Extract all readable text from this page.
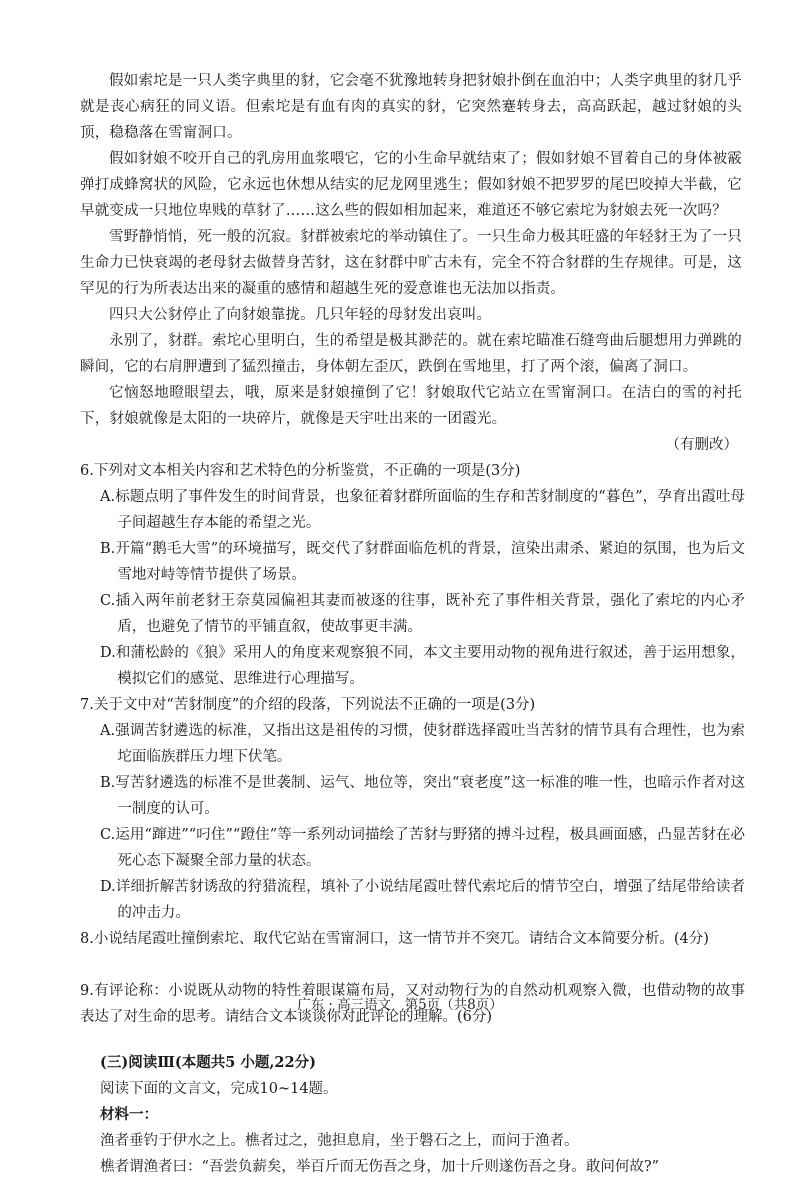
假如索坨是一只人类字典里的豺，它会毫不犹豫地转身把豺娘扑倒在血泊中；人类字典里的豺几乎就是丧心病狂的同义语。但索坨是有血有肉的真实的豺，它突然蹇转身去，高高跃起，越过豺娘的头顶，稳稳落在雪甯洞口。
假如豺娘不咬开自己的乳房用血浆喂它，它的小生命早就结束了；假如豺娘不冒着自己的身体被霰弹打成蜂窝状的风险，它永远也休想从结实的尼龙网里逃生；假如豺娘不把罗罗的尾巴咬掉大半截，它早就变成一只地位卑贱的草豺了……这么些的假如相加起来，难道还不够它索坨为豺娘去死一次吗？
雪野静悄悄，死一般的沉寂。豺群被索坨的举动镇住了。一只生命力极其旺盛的年轻豺王为了一只生命力已快衰竭的老母豺去做替身苦豺，这在豺群中旷古未有，完全不符合豺群的生存规律。可是，这罕见的行为所表达出来的凝重的感情和超越生死的爱意谁也无法加以指责。
四只大公豺停止了向豺娘靠拢。几只年轻的母豺发出哀叫。
永别了，豺群。索坨心里明白，生的希望是极其渺茫的。就在索坨瞄准石缝弯曲后腿想用力弹跳的瞬间，它的右肩胛遭到了猛烈撞击，身体朝左歪仄，跌倒在雪地里，打了两个滚，偏离了洞口。
它恼怒地瞪眼望去，哦，原来是豺娘撞倒了它！豺娘取代它站立在雪甯洞口。在洁白的雪的衬托下，豺娘就像是太阳的一块碎片，就像是天宇吐出来的一团霞光。
（有删改）
6.下列对文本相关内容和艺术特色的分析鉴赏，不正确的一项是(3分)
A.标题点明了事件发生的时间背景，也象征着豺群所面临的生存和苦豺制度的“暮色”，孕育出霞吐母子间超越生存本能的希望之光。
B.开篇“鹅毛大雪”的环境描写，既交代了豺群面临危机的背景，渲染出肃杀、紧迫的氛围，也为后文雪地对峙等情节提供了场景。
C.插入两年前老豺王奈莫园偏袒其妻而被逐的往事，既补充了事件相关背景，强化了索坨的内心矛盾，也避免了情节的平铺直叙，使故事更丰满。
D.和蒲松龄的《狼》采用人的角度来观察狼不同，本文主要用动物的视角进行叙述，善于运用想象，模拟它们的感觉、思维进行心理描写。
7.关于文中对“苦豺制度”的介绍的段落，下列说法不正确的一项是(3分)
A.强调苦豺遴选的标准，又指出这是祖传的习惯，使豺群选择霞吐当苦豺的情节具有合理性，也为索坨面临族群压力埋下伏笔。
B.写苦豺遴选的标准不是世袭制、运气、地位等，突出“衰老度”这一标准的唯一性，也暗示作者对这一制度的认可。
C.运用“蹿进”“叼住”“蹬住”等一系列动词描绘了苦豺与野猪的搏斗过程，极具画面感，凸显苦豺在必死心态下凝聚全部力量的状态。
D.详细折解苦豺诱敌的狩猎流程，填补了小说结尾霞吐替代索坨后的情节空白，增强了结尾带给读者的冲击力。
8.小说结尾霞吐撞倒索坨、取代它站在雪甯洞口，这一情节并不突兀。请结合文本简要分析。(4分)
9.有评论称：小说既从动物的特性着眼谋篇布局，又对动物行为的自然动机观察入微，也借动物的故事表达了对生命的思考。请结合文本谈谈你对此评论的理解。(6分)
(三)阅读Ⅲ(本题共5 小题,22分)
阅读下面的文言文，完成10~14题。
材料一：
渔者垂钓于伊水之上。樵者过之，弛担息肩，坐于磐石之上，而问于渔者。
樵者谓渔者曰：“吾尝负薪矣，举百斤而无伤吾之身，加十斤则遂伤吾之身。敢问何故?”
广东 · 高三语文　第5页（共8页）
